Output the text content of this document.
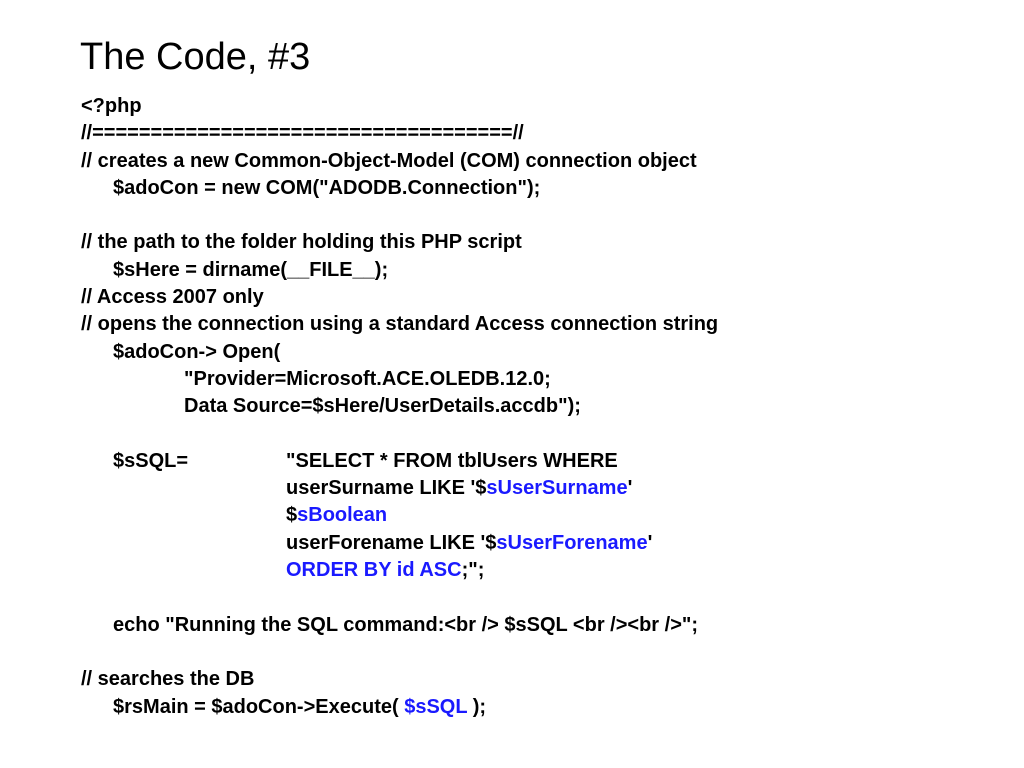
The Code, #3
<?php
//====================================//
// creates a new Common-Object-Model (COM) connection object
$adoCon = new COM("ADODB.Connection");
// the path to the folder holding this PHP script
$sHere = dirname(__FILE__);
// Access 2007 only
// opens the connection using a standard Access connection string
$adoCon-> Open(
"Provider=Microsoft.ACE.OLEDB.12.0;
Data Source=$sHere/UserDetails.accdb");
$sSQL=	"SELECT * FROM tblUsers WHERE
userSurname LIKE '$sUserSurname'
$sBoolean
userForename LIKE '$sUserForename'
ORDER BY id ASC;";
echo "Running the SQL command:<br /> $sSQL <br /><br />";
// searches the DB
$rsMain = $adoCon->Execute( $sSQL );
